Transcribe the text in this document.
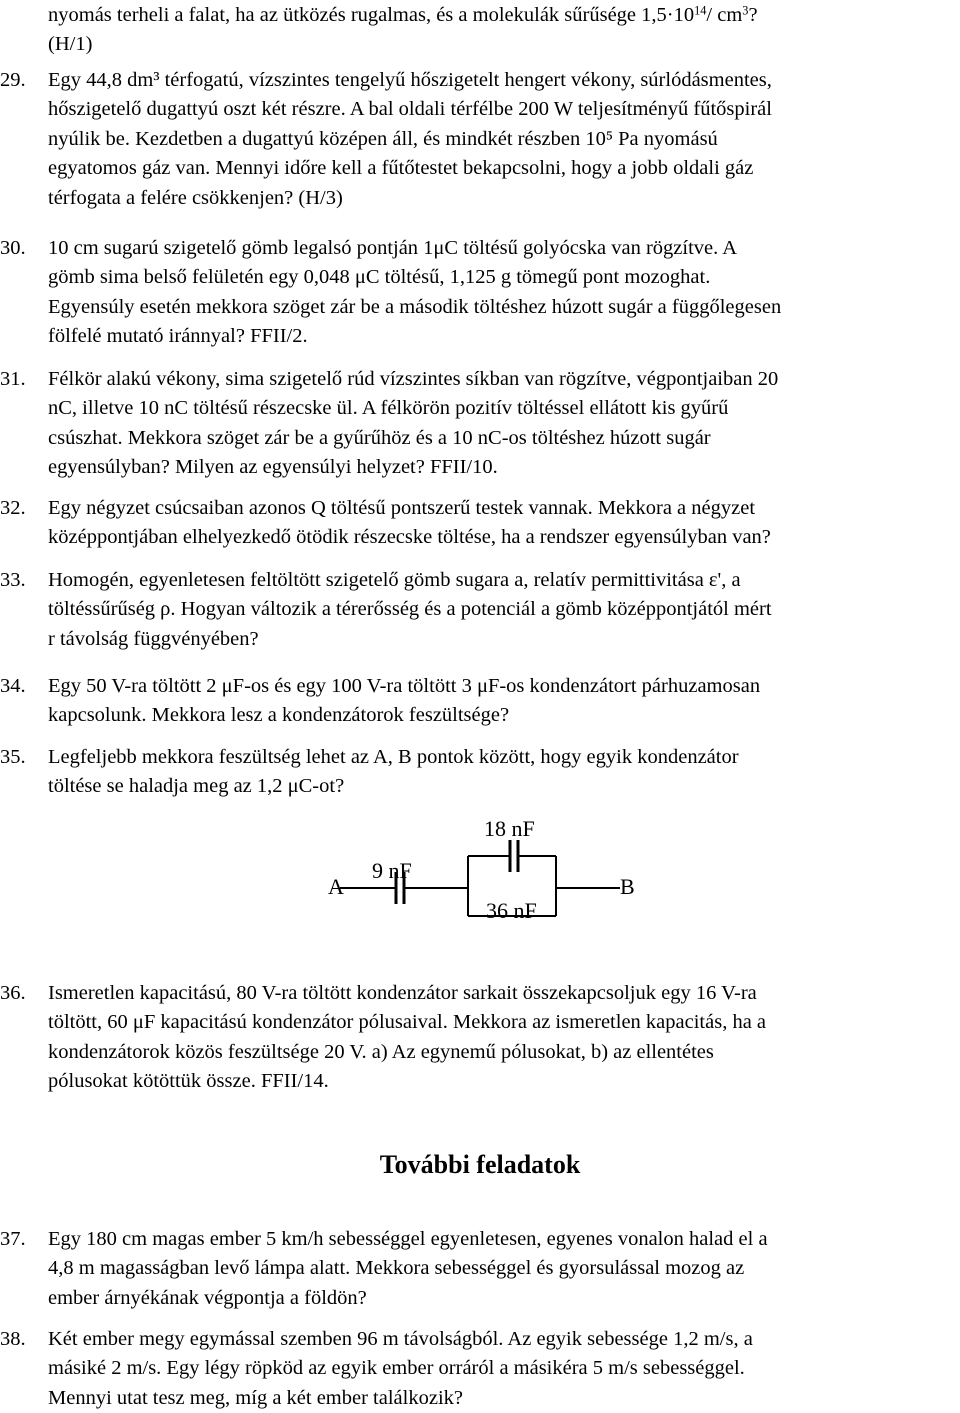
nyomás terheli a falat, ha az ütközés rugalmas, és a molekulák sűrűsége $1,5\cdot 10^{14}/$ $cm^3$?

(H/1)

29. Egy 44,8 dm³ térfogatú, vízszintes tengelyű hőszigetelt hengert vékony, súrlódásmentes,

hőszigetelő dugattyú oszt két részre. A bal oldali térfélbe 200 W teljesítményű fűtőspirál

nyúlik be. Kezdetben a dugattyú középen áll, és mindkét részben 10⁵ Pa nyomású

egyatomos gáz van. Mennyi időre kell a fűtőtestet bekapcsolni, hogy a jobb oldali gáz

térfogata a felére csökkenjen? (H/3)

30. 10 cm sugarú szigetelő gömb legalsó pontján 1μC töltésű golyócska van rögzítve. A

gömb sima belső felületén egy 0,048 μC töltésű, 1,125 g tömegű pont mozoghat.

Egyensúly esetén mekkora szöget zár be a második töltéshez húzott sugár a függőlegesen

fölfelé mutató iránnyal? FFII/2.

31. Félkör alakú vékony, sima szigetelő rúd vízszintes síkban van rögzítve, végpontjaiban 20

nC, illetve 10 nC töltésű részecske ül. A félkörön pozitív töltéssel ellátott kis gyűrű

csúszhat. Mekkora szöget zár be a gyűrűhöz és a 10 nC-os töltéshez húzott sugár

egyensúlyban? Milyen az egyensúlyi helyzet? FFII/10.

32. Egy négyzet csúcsaiban azonos Q töltésű pontszerű testek vannak. Mekkora a négyzet

középpontjában elhelyezkedő ötödik részecske töltése, ha a rendszer egyensúlyban van?

33. Homogén, egyenletesen feltöltött szigetelő gömb sugara a, relatív permittivitása ε', a

töltéssűrűség ρ. Hogyan változik a térerősség és a potenciál a gömb középpontjától mért

r távolság függvényében?

34. Egy 50 V-ra töltött 2 μF-os és egy 100 V-ra töltött 3 μF-os kondenzátort párhuzamosan

kapcsolunk. Mekkora lesz a kondenzátorok feszültsége?

35. Legfeljebb mekkora feszültség lehet az A, B pontok között, hogy egyik kondenzátor

töltése se haladja meg az 1,2 μC-ot?

A	B
9 nF
18 nF
36 nF
36. Ismeretlen kapacitású, 80 V-ra töltött kondenzátor sarkait összekapcsoljuk egy 16 V-ra

töltött, 60 μF kapacitású kondenzátor pólusaival. Mekkora az ismeretlen kapacitás, ha a

kondenzátorok közös feszültsége 20 V. a) Az egynemű pólusokat, b) az ellentétes

pólusokat kötöttük össze. FFII/14.

További feladatok
37. Egy 180 cm magas ember 5 km/h sebességgel egyenletesen, egyenes vonalon halad el a

4,8 m magasságban levő lámpa alatt. Mekkora sebességgel és gyorsulással mozog az

ember árnyékának végpontja a földön?

38. Két ember megy egymással szemben 96 m távolságból. Az egyik sebessége 1,2 m/s, a

másiké 2 m/s. Egy légy röpköd az egyik ember orráról a másikéra 5 m/s sebességgel.

Mennyi utat tesz meg, míg a két ember találkozik?
